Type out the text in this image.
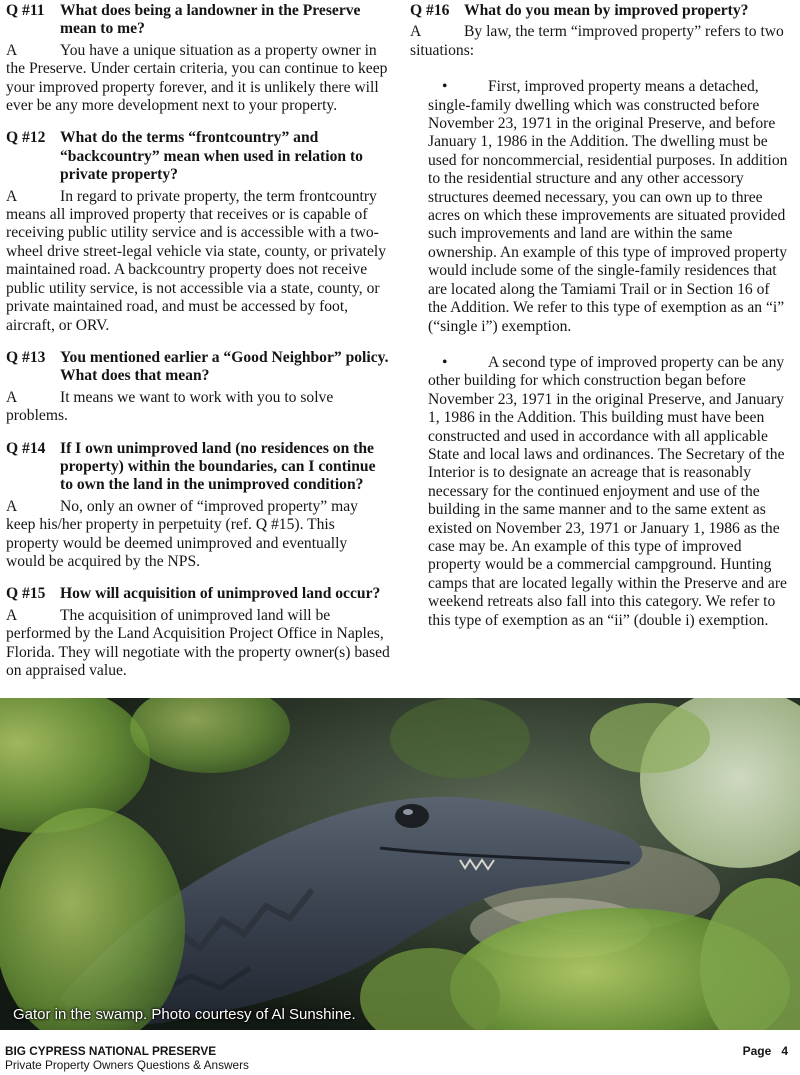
Q #11 What does being a landowner in the Preserve mean to me?
A	You have a unique situation as a property owner in the Preserve. Under certain criteria, you can continue to keep your improved property forever, and it is unlikely there will ever be any more development next to your property.
Q #12 What do the terms “frontcountry” and “backcountry” mean when used in relation to private property?
A	In regard to private property, the term frontcountry means all improved property that receives or is capable of receiving public utility service and is accessible with a two-wheel drive street-legal vehicle via state, county, or privately maintained road. A backcountry property does not receive public utility service, is not accessible via a state, county, or private maintained road, and must be accessed by foot, aircraft, or ORV.
Q #13 You mentioned earlier a “Good Neighbor” policy. What does that mean?
A	It means we want to work with you to solve problems.
Q #14 If I own unimproved land (no residences on the property) within the boundaries, can I continue to own the land in the unimproved condition?
A	No, only an owner of “improved property” may keep his/her property in perpetuity (ref. Q #15). This property would be deemed unimproved and eventually would be acquired by the NPS.
Q #15 How will acquisition of unimproved land occur?
A	The acquisition of unimproved land will be performed by the Land Acquisition Project Office in Naples, Florida. They will negotiate with the property owner(s) based on appraised value.
Q #16 What do you mean by improved property?
A	By law, the term “improved property” refers to two situations:
•	First, improved property means a detached, single-family dwelling which was constructed before November 23, 1971 in the original Preserve, and before January 1, 1986 in the Addition. The dwelling must be used for noncommercial, residential purposes. In addition to the residential structure and any other accessory structures deemed necessary, you can own up to three acres on which these improvements are situated provided such improvements and land are within the same ownership. An example of this type of improved property would include some of the single-family residences that are located along the Tamiami Trail or in Section 16 of the Addition. We refer to this type of exemption as an “i” (“single i”) exemption.
•	A second type of improved property can be any other building for which construction began before November 23, 1971 in the original Preserve, and January 1, 1986 in the Addition. This building must have been constructed and used in accordance with all applicable State and local laws and ordinances. The Secretary of the Interior is to designate an acreage that is reasonably necessary for the continued enjoyment and use of the building in the same manner and to the same extent as existed on November 23, 1971 or January 1, 1986 as the case may be. An example of this type of improved property would be a commercial campground. Hunting camps that are located legally within the Preserve and are weekend retreats also fall into this category. We refer to this type of exemption as an “ii” (double i) exemption.
Gator in the swamp. Photo courtesy of Al Sunshine.
BIG CYPRESS NATIONAL PRESERVE
Private Property Owners Questions & Answers
Page 4
